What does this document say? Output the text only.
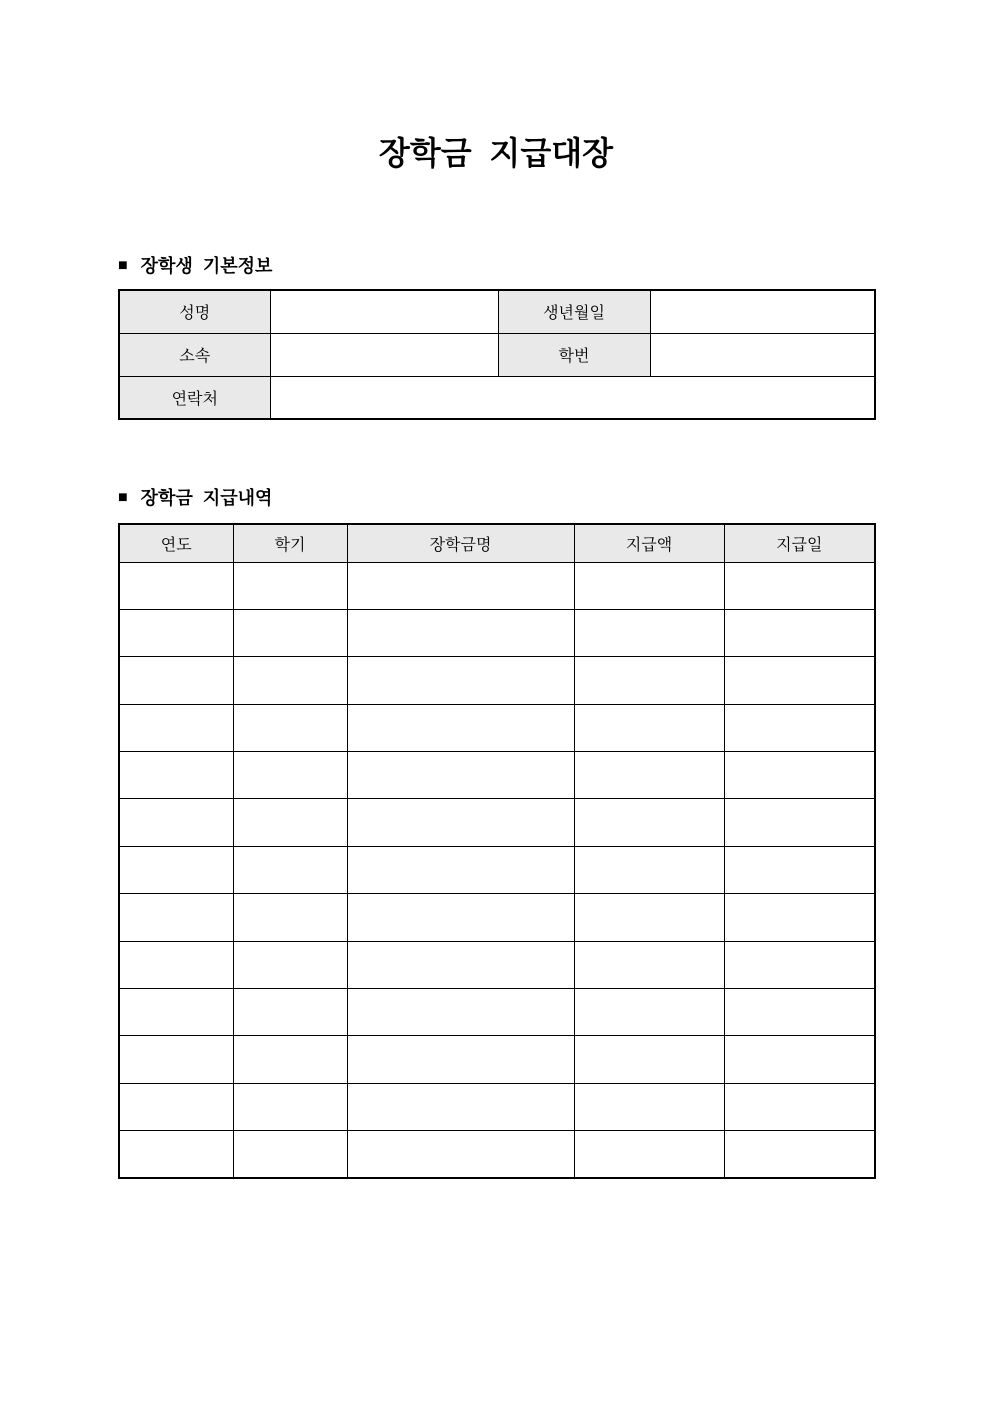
장학금  지급대장
■ 장학생  기본정보
성명		생년월일	
소속		학번	
연락처			
■ 장학금  지급내역
연도	학기	장학금명	지급액	지급일
